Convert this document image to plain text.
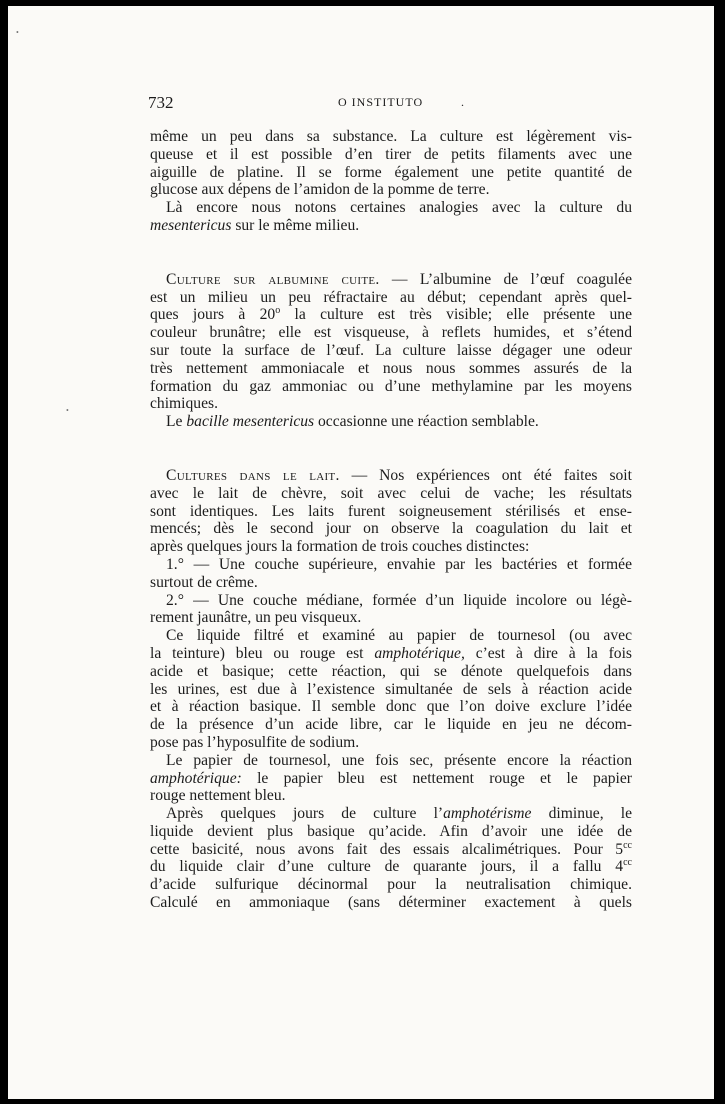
•
•
732	O INSTITUTO	.
même un peu dans sa substance. La culture est légèrement vis-
queuse et il est possible d’en tirer de petits filaments avec une
aiguille de platine. Il se forme également une petite quantité de
glucose aux dépens de l’amidon de la pomme de terre.
Là encore nous notons certaines analogies avec la culture du
mesentericus sur le même milieu.
Culture sur albumine cuite. — L’albumine de l’œuf coagulée
est un milieu un peu réfractaire au début; cependant après quel-
ques jours à 20$^o$ la culture est très visible; elle présente une
couleur brunâtre; elle est visqueuse, à reflets humides, et s’étend
sur toute la surface de l’œuf. La culture laisse dégager une odeur
très nettement ammoniacale et nous nous sommes assurés de la
formation du gaz ammoniac ou d’une methylamine par les moyens
chimiques.
Le bacille mesentericus occasionne une réaction semblable.
Cultures dans le lait. — Nos expériences ont été faites soit
avec le lait de chèvre, soit avec celui de vache; les résultats
sont identiques. Les laits furent soigneusement stérilisés et ense-
mencés; dès le second jour on observe la coagulation du lait et
après quelques jours la formation de trois couches distinctes:
1.° — Une couche supérieure, envahie par les bactéries et formée
surtout de crême.
2.° — Une couche médiane, formée d’un liquide incolore ou légè-
rement jaunâtre, un peu visqueux.
Ce liquide filtré et examiné au papier de tournesol (ou avec
la teinture) bleu ou rouge est amphotérique, c’est à dire à la fois
acide et basique; cette réaction, qui se dénote quelquefois dans
les urines, est due à l’existence simultanée de sels à réaction acide
et à réaction basique. Il semble donc que l’on doive exclure l’idée
de la présence d’un acide libre, car le liquide en jeu ne décom-
pose pas l’hyposulfite de sodium.
Le papier de tournesol, une fois sec, présente encore la réaction
amphotérique: le papier bleu est nettement rouge et le papier
rouge nettement bleu.
Après quelques jours de culture l’amphotérisme diminue, le
liquide devient plus basique qu’acide. Afin d’avoir une idée de
cette basicité, nous avons fait des essais alcalimétriques. Pour $5^{cc}$
du liquide clair d’une culture de quarante jours, il a fallu $4^{cc}$
d’acide sulfurique décinormal pour la neutralisation chimique.
Calculé en ammoniaque (sans déterminer exactement à quels
